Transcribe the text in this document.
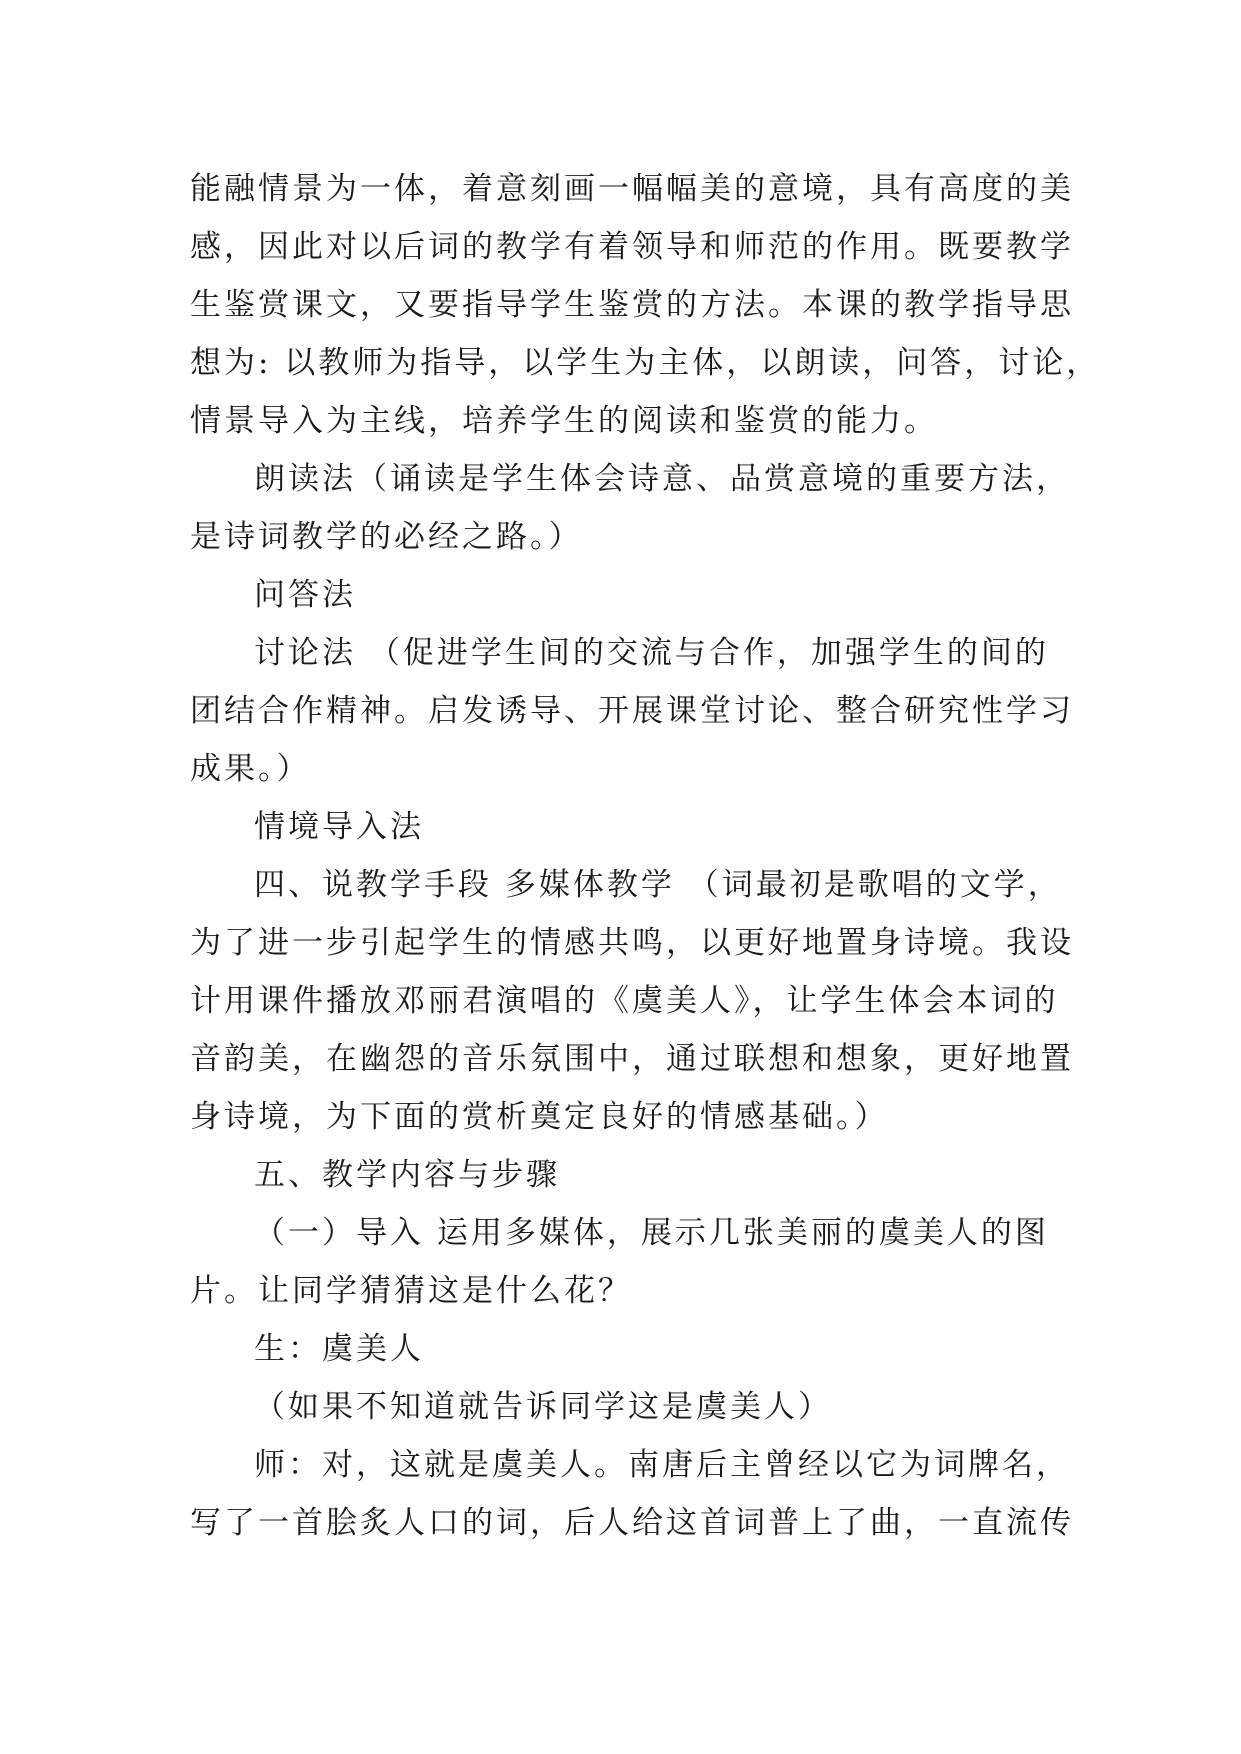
能融情景为一体，着意刻画一幅幅美的意境，具有高度的美
感，因此对以后词的教学有着领导和师范的作用。既要教学
生鉴赏课文，又要指导学生鉴赏的方法。本课的教学指导思
想为: 以教师为指导，以学生为主体，以朗读，问答，讨论，
情景导入为主线，培养学生的阅读和鉴赏的能力。

朗读法（诵读是学生体会诗意、品赏意境的重要方法，
是诗词教学的必经之路。）

问答法

讨论法 （促进学生间的交流与合作，加强学生的间的
团结合作精神。启发诱导、开展课堂讨论、整合研究性学习
成果。）

情境导入法

四、说教学手段 多媒体教学 （词最初是歌唱的文学，
为了进一步引起学生的情感共鸣，以更好地置身诗境。我设
计用课件播放邓丽君演唱的《虞美人》，让学生体会本词的
音韵美，在幽怨的音乐氛围中，通过联想和想象，更好地置
身诗境，为下面的赏析奠定良好的情感基础。）

五、教学内容与步骤

（一）导入 运用多媒体，展示几张美丽的虞美人的图
片。让同学猜猜这是什么花？

生：虞美人

（如果不知道就告诉同学这是虞美人）

师：对，这就是虞美人。南唐后主曾经以它为词牌名，
写了一首脍炙人口的词，后人给这首词普上了曲，一直流传
